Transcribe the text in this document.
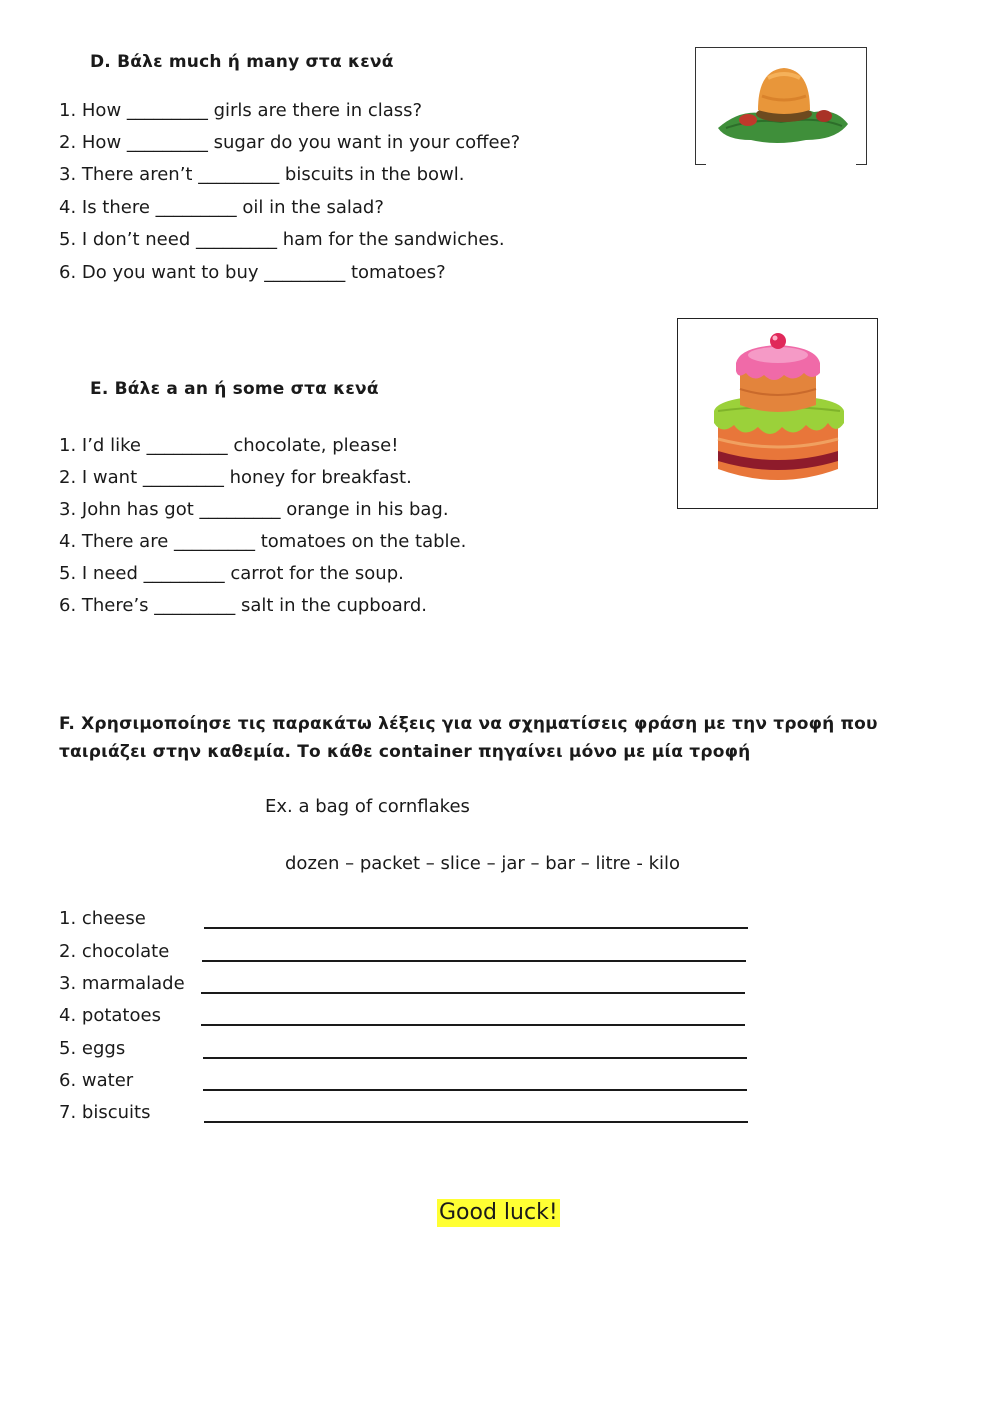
D. Βάλε much ή many στα κενά
1. How _________ girls are there in class?
2. How _________ sugar do you want in your coffee?
3. There aren’t _________ biscuits in the bowl.
4. Is there _________ oil in the salad?
5. I don’t need _________ ham for the sandwiches.
6. Do you want to buy _________ tomatoes?
E. Βάλε a an ή some στα κενά
1. I’d like _________ chocolate, please!
2. I want _________ honey for breakfast.
3. John has got _________ orange in his bag.
4. There are _________ tomatoes on the table.
5. I need _________ carrot for the soup.
6. There’s _________ salt in the cupboard.
F. Χρησιμοποίησε τις παρακάτω λέξεις για να σχηματίσεις φράση με την τροφή που
ταιριάζει στην καθεμία. Το κάθε container πηγαίνει μόνο με μία τροφή
Ex. a bag of cornflakes
dozen – packet – slice – jar – bar – litre - kilo
1. cheese
2. chocolate
3. marmalade
4. potatoes
5. eggs
6. water
7. biscuits
Good luck!
